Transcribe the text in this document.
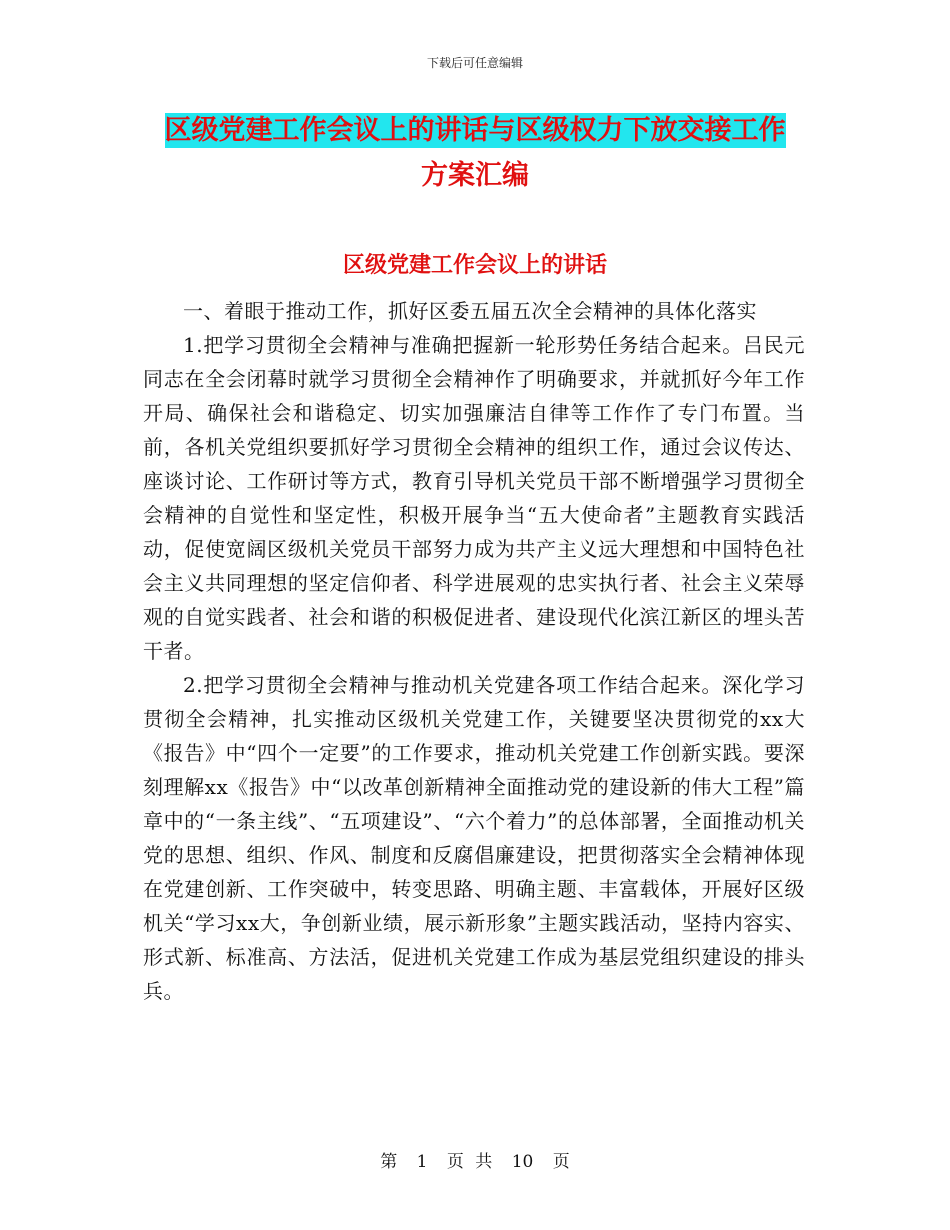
下载后可任意编辑
区级党建工作会议上的讲话与区级权力下放交接工作
方案汇编
区级党建工作会议上的讲话

一、着眼于推动工作，抓好区委五届五次全会精神的具体化落实

1.把学习贯彻全会精神与准确把握新一轮形势任务结合起来。吕民元同志在全会闭幕时就学习贯彻全会精神作了明确要求，并就抓好今年工作开局、确保社会和谐稳定、切实加强廉洁自律等工作作了专门布置。当前，各机关党组织要抓好学习贯彻全会精神的组织工作，通过会议传达、座谈讨论、工作研讨等方式，教育引导机关党员干部不断增强学习贯彻全会精神的自觉性和坚定性，积极开展争当“五大使命者”主题教育实践活动，促使宽阔区级机关党员干部努力成为共产主义远大理想和中国特色社会主义共同理想的坚定信仰者、科学进展观的忠实执行者、社会主义荣辱观的自觉实践者、社会和谐的积极促进者、建设现代化滨江新区的埋头苦干者。

2.把学习贯彻全会精神与推动机关党建各项工作结合起来。深化学习贯彻全会精神，扎实推动区级机关党建工作，关键要坚决贯彻党的xx大《报告》中“四个一定要”的工作要求，推动机关党建工作创新实践。要深刻理解xx《报告》中“以改革创新精神全面推动党的建设新的伟大工程”篇章中的“一条主线”、“五项建设”、“六个着力”的总体部署，全面推动机关党的思想、组织、作风、制度和反腐倡廉建设，把贯彻落实全会精神体现在党建创新、工作突破中，转变思路、明确主题、丰富载体，开展好区级机关“学习xx大，争创新业绩，展示新形象”主题实践活动，坚持内容实、形式新、标准高、方法活，促进机关党建工作成为基层党组织建设的排头兵。

第 1 页 共 10 页
